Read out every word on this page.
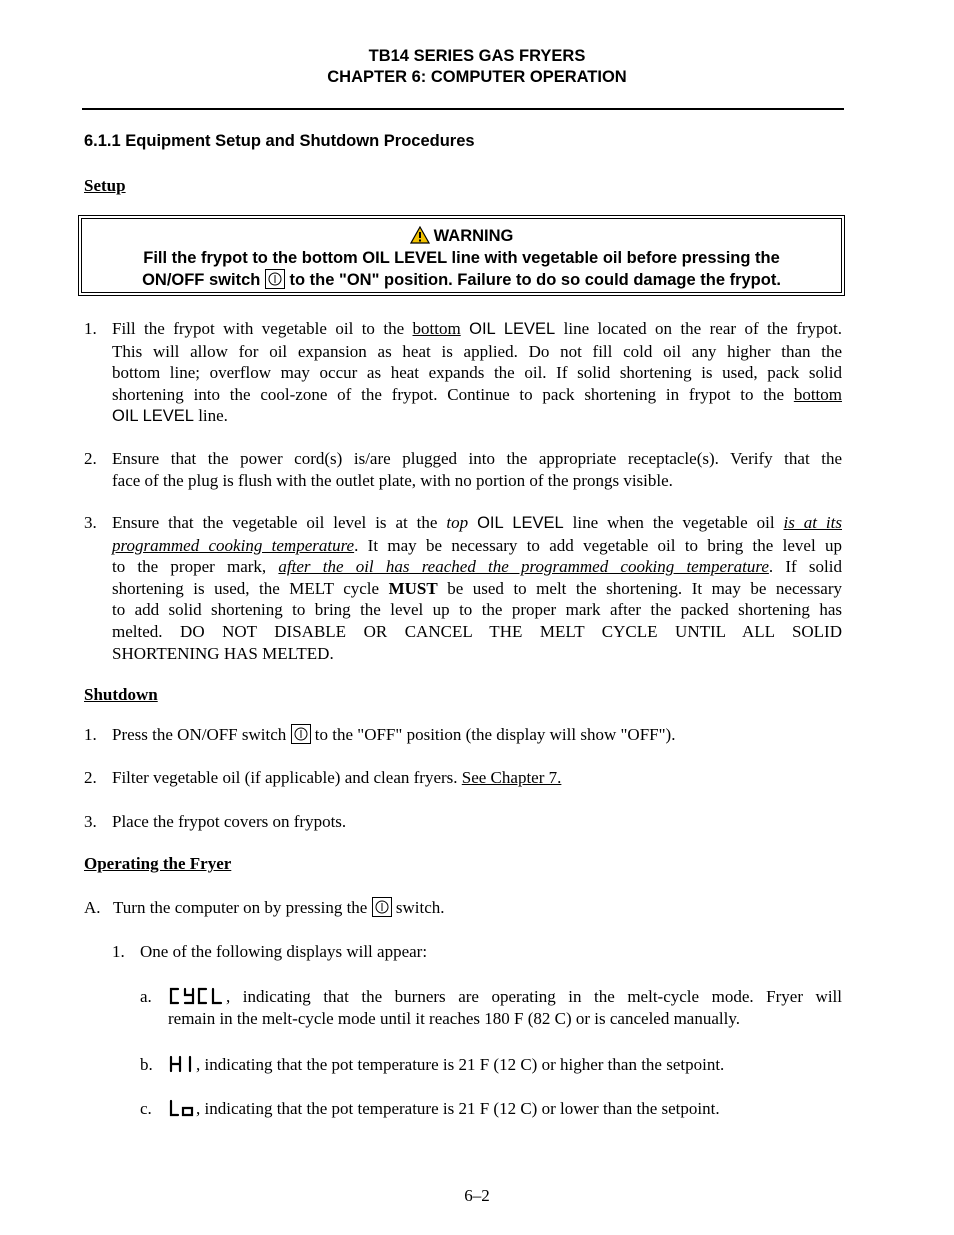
TB14 SERIES GAS FRYERS
CHAPTER 6: COMPUTER OPERATION
6.1.1 Equipment Setup and Shutdown Procedures
Setup
WARNING
Fill the frypot to the bottom OIL LEVEL line with vegetable oil before pressing the
ON/OFF switch to the "ON" position. Failure to do so could damage the frypot.
1. Fill the frypot with vegetable oil to the bottom OIL LEVEL line located on the rear of the frypot.
This will allow for oil expansion as heat is applied. Do not fill cold oil any higher than the
bottom line; overflow may occur as heat expands the oil. If solid shortening is used, pack solid
shortening into the cool-zone of the frypot. Continue to pack shortening in frypot to the bottom
OIL LEVEL line.
2. Ensure that the power cord(s) is/are plugged into the appropriate receptacle(s). Verify that the
face of the plug is flush with the outlet plate, with no portion of the prongs visible.
3. Ensure that the vegetable oil level is at the top OIL LEVEL line when the vegetable oil is at its
programmed cooking temperature. It may be necessary to add vegetable oil to bring the level up
to the proper mark, after the oil has reached the programmed cooking temperature. If solid
shortening is used, the MELT cycle MUST be used to melt the shortening. It may be necessary
to add solid shortening to bring the level up to the proper mark after the packed shortening has
melted. DO NOT DISABLE OR CANCEL THE MELT CYCLE UNTIL ALL SOLID
SHORTENING HAS MELTED.
Shutdown
1. Press the ON/OFF switch to the "OFF" position (the display will show "OFF").
2. Filter vegetable oil (if applicable) and clean fryers. See Chapter 7.
3. Place the frypot covers on frypots.
Operating the Fryer
A. Turn the computer on by pressing the switch.
1. One of the following displays will appear:
a.	, indicating that the burners are operating in the melt-cycle mode. Fryer will
remain in the melt-cycle mode until it reaches 180 F (82 C) or is canceled manually.
b.	, indicating that the pot temperature is 21 F (12 C) or higher than the setpoint.
c.	, indicating that the pot temperature is 21 F (12 C) or lower than the setpoint.
6–2
